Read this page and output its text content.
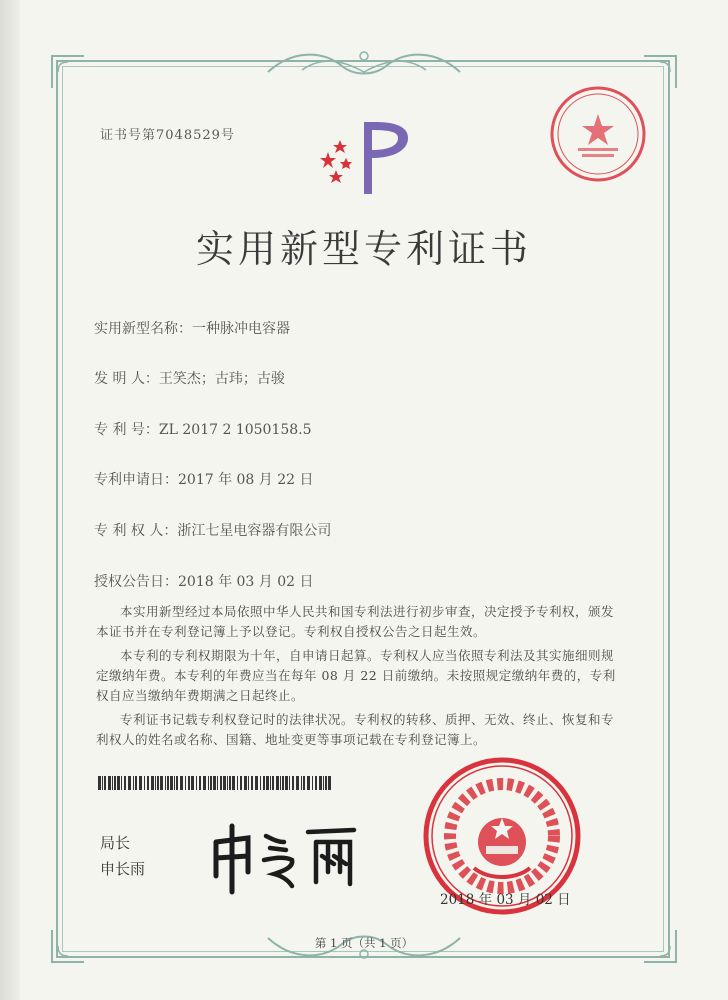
证书号第7048529号
实用新型专利证书
实用新型名称：一种脉冲电容器
发 明 人：王笑杰；古玮；古骏
专 利 号：ZL 2017 2 1050158.5
专利申请日：2017 年 08 月 22 日
专 利 权 人：浙江七星电容器有限公司
授权公告日：2018 年 03 月 02 日
本实用新型经过本局依照中华人民共和国专利法进行初步审查，决定授予专利权，颁发本证书并在专利登记簿上予以登记。专利权自授权公告之日起生效。
本专利的专利权期限为十年，自申请日起算。专利权人应当依照专利法及其实施细则规定缴纳年费。本专利的年费应当在每年 08 月 22 日前缴纳。未按照规定缴纳年费的，专利权自应当缴纳年费期满之日起终止。
专利证书记载专利权登记时的法律状况。专利权的转移、质押、无效、终止、恢复和专利权人的姓名或名称、国籍、地址变更等事项记载在专利登记簿上。
局长
申长雨
2018 年 03 月 02 日
第 1 页（共 1 页）
